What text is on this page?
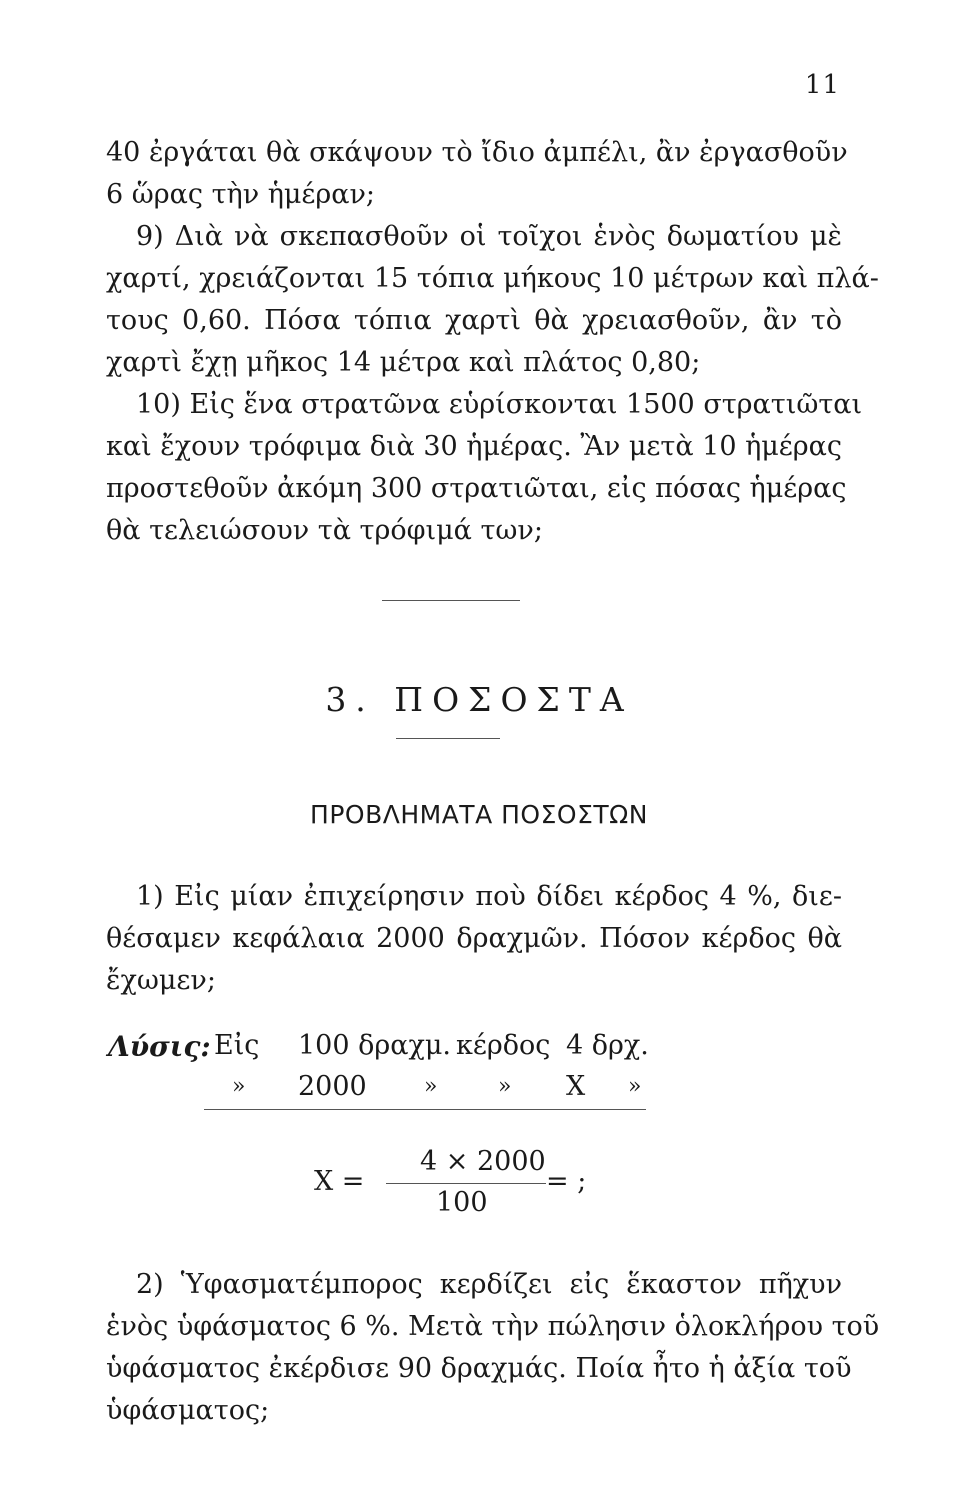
11
40 ἐργάται θὰ σκάψουν τὸ ἴδιο ἀμπέλι, ἂν ἐργασθοῦν
6 ὥρας τὴν ἡμέραν;
9) Διὰ νὰ σκεπασθοῦν οἱ τοῖχοι ἑνὸς δωματίου μὲ
χαρτί, χρειάζονται 15 τόπια μήκους 10 μέτρων καὶ πλά-
τους 0,60. Πόσα τόπια χαρτὶ θὰ χρειασθοῦν, ἂν τὸ
χαρτὶ ἔχῃ μῆκος 14 μέτρα καὶ πλάτος 0,80;
10) Εἰς ἕνα στρατῶνα εὑρίσκονται 1500 στρατιῶται
καὶ ἔχουν τρόφιμα διὰ 30 ἡμέρας. Ἂν μετὰ 10 ἡμέρας
προστεθοῦν ἀκόμη 300 στρατιῶται, εἰς πόσας ἡμέρας
θὰ τελειώσουν τὰ τρόφιμά των;
3. ΠΟΣΟΣΤΑ
ΠΡΟΒΛΗΜΑΤΑ ΠΟΣΟΣΤΩΝ
1) Εἰς μίαν ἐπιχείρησιν ποὺ δίδει κέρδος 4 %, διε-
θέσαμεν κεφάλαια 2000 δραχμῶν. Πόσον κέρδος θὰ
ἔχωμεν;
Λύσις: Εἰς 100 δραχμ. κέρδος 4 δρχ.
» 2000	»	» X »
X =
4 × 2000
100
= ;
2) Ὑφασματέμπορος κερδίζει εἰς ἕκαστον πῆχυν
ἑνὸς ὑφάσματος 6 %. Μετὰ τὴν πώλησιν ὁλοκλήρου τοῦ
ὑφάσματος ἐκέρδισε 90 δραχμάς. Ποία ἦτο ἡ ἀξία τοῦ
ὑφάσματος;
